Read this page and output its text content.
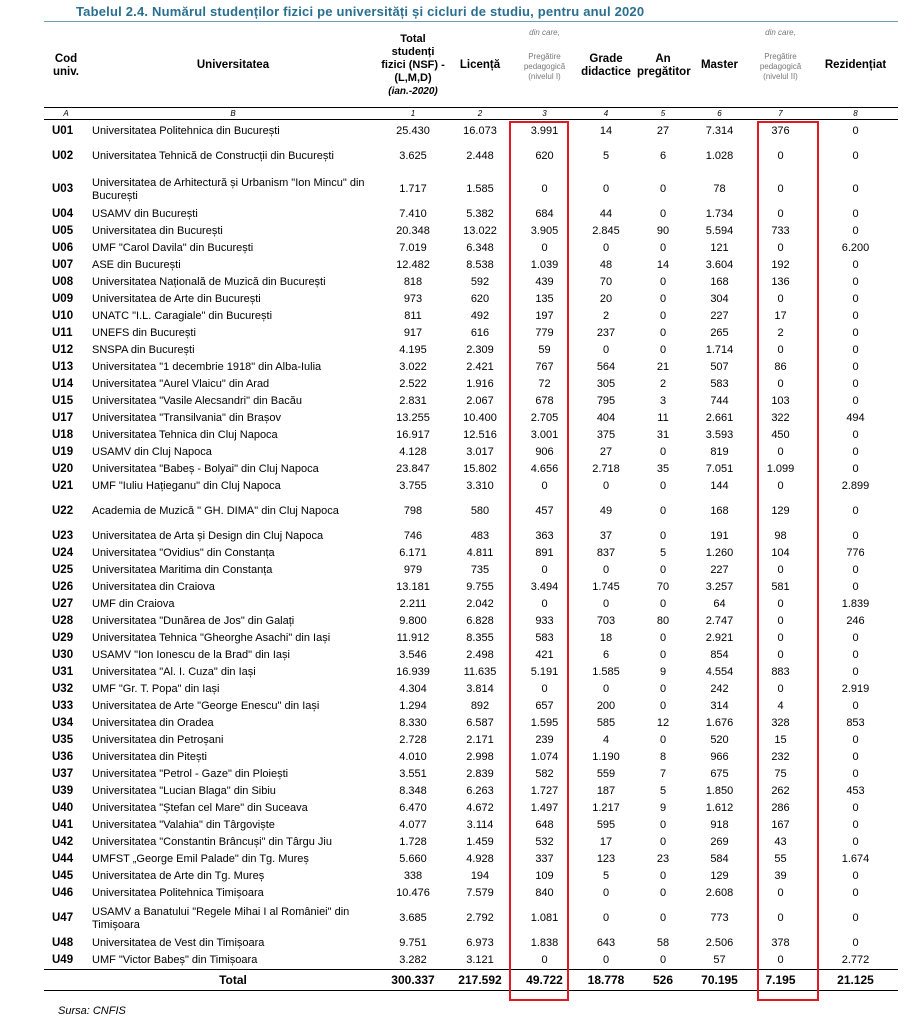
Tabelul 2.4. Numărul studenților fizici pe universități și cicluri de studiu, pentru anul 2020
Cod univ.	Universitatea	Total studenți fizici (NSF) - (L,M,D)
(ian.-2020)	Licență	din care,
Pregătire pedagogică (nivelul I)	Grade didactice	An pregătitor	Master	din care,
Pregătire pedagogică (nivelul II)	Rezidențiat
A	B	1	2	3	4	5	6	7	8

U01	Universitatea Politehnica din București	25.430	16.073	3.991	14	27	7.314	376	0
U02	Universitatea Tehnică de Construcții din București	3.625	2.448	620	5	6	1.028	0	0
U03	Universitatea de Arhitectură și Urbanism "Ion Mincu" din București	1.717	1.585	0	0	0	78	0	0
U04	USAMV din București	7.410	5.382	684	44	0	1.734	0	0
U05	Universitatea din București	20.348	13.022	3.905	2.845	90	5.594	733	0
U06	UMF "Carol Davila" din București	7.019	6.348	0	0	0	121	0	6.200
U07	ASE din București	12.482	8.538	1.039	48	14	3.604	192	0
U08	Universitatea Națională de Muzică din București	818	592	439	70	0	168	136	0
U09	Universitatea de Arte din București	973	620	135	20	0	304	0	0
U10	UNATC "I.L. Caragiale" din București	811	492	197	2	0	227	17	0
U11	UNEFS din București	917	616	779	237	0	265	2	0
U12	SNSPA din București	4.195	2.309	59	0	0	1.714	0	0
U13	Universitatea "1 decembrie 1918" din Alba-Iulia	3.022	2.421	767	564	21	507	86	0
U14	Universitatea "Aurel Vlaicu" din Arad	2.522	1.916	72	305	2	583	0	0
U15	Universitatea "Vasile Alecsandri" din Bacău	2.831	2.067	678	795	3	744	103	0
U17	Universitatea "Transilvania" din Brașov	13.255	10.400	2.705	404	11	2.661	322	494
U18	Universitatea Tehnica din Cluj Napoca	16.917	12.516	3.001	375	31	3.593	450	0
U19	USAMV din Cluj Napoca	4.128	3.017	906	27	0	819	0	0
U20	Universitatea "Babeș - Bolyai" din Cluj Napoca	23.847	15.802	4.656	2.718	35	7.051	1.099	0
U21	UMF "Iuliu Hațieganu" din Cluj Napoca	3.755	3.310	0	0	0	144	0	2.899
U22	Academia de Muzică " GH. DIMA" din Cluj Napoca	798	580	457	49	0	168	129	0
U23	Universitatea de Arta și Design din Cluj Napoca	746	483	363	37	0	191	98	0
U24	Universitatea "Ovidius" din Constanța	6.171	4.811	891	837	5	1.260	104	776
U25	Universitatea Maritima din Constanța	979	735	0	0	0	227	0	0
U26	Universitatea din Craiova	13.181	9.755	3.494	1.745	70	3.257	581	0
U27	UMF din Craiova	2.211	2.042	0	0	0	64	0	1.839
U28	Universitatea "Dunărea de Jos" din Galați	9.800	6.828	933	703	80	2.747	0	246
U29	Universitatea Tehnica "Gheorghe Asachi" din Iași	11.912	8.355	583	18	0	2.921	0	0
U30	USAMV "Ion Ionescu de la Brad" din Iași	3.546	2.498	421	6	0	854	0	0
U31	Universitatea "Al. I. Cuza" din Iași	16.939	11.635	5.191	1.585	9	4.554	883	0
U32	UMF "Gr. T. Popa" din Iași	4.304	3.814	0	0	0	242	0	2.919
U33	Universitatea de Arte "George Enescu" din Iași	1.294	892	657	200	0	314	4	0
U34	Universitatea din Oradea	8.330	6.587	1.595	585	12	1.676	328	853
U35	Universitatea din Petroșani	2.728	2.171	239	4	0	520	15	0
U36	Universitatea din Pitești	4.010	2.998	1.074	1.190	8	966	232	0
U37	Universitatea "Petrol - Gaze" din Ploiești	3.551	2.839	582	559	7	675	75	0
U39	Universitatea "Lucian Blaga" din Sibiu	8.348	6.263	1.727	187	5	1.850	262	453
U40	Universitatea "Ștefan cel Mare" din Suceava	6.470	4.672	1.497	1.217	9	1.612	286	0
U41	Universitatea "Valahia" din Târgoviște	4.077	3.114	648	595	0	918	167	0
U42	Universitatea "Constantin Brâncuși" din Târgu Jiu	1.728	1.459	532	17	0	269	43	0
U44	UMFST „George Emil Palade" din Tg. Mureș	5.660	4.928	337	123	23	584	55	1.674
U45	Universitatea de Arte din Tg. Mureș	338	194	109	5	0	129	39	0
U46	Universitatea Politehnica Timișoara	10.476	7.579	840	0	0	2.608	0	0
U47	USAMV a Banatului "Regele Mihai I al României" din Timișoara	3.685	2.792	1.081	0	0	773	0	0
U48	Universitatea de Vest din Timișoara	9.751	6.973	1.838	643	58	2.506	378	0
U49	UMF "Victor Babeș" din Timișoara	3.282	3.121	0	0	0	57	0	2.772
	Total	300.337	217.592	49.722	18.778	526	70.195	7.195	21.125
Sursa: CNFIS
